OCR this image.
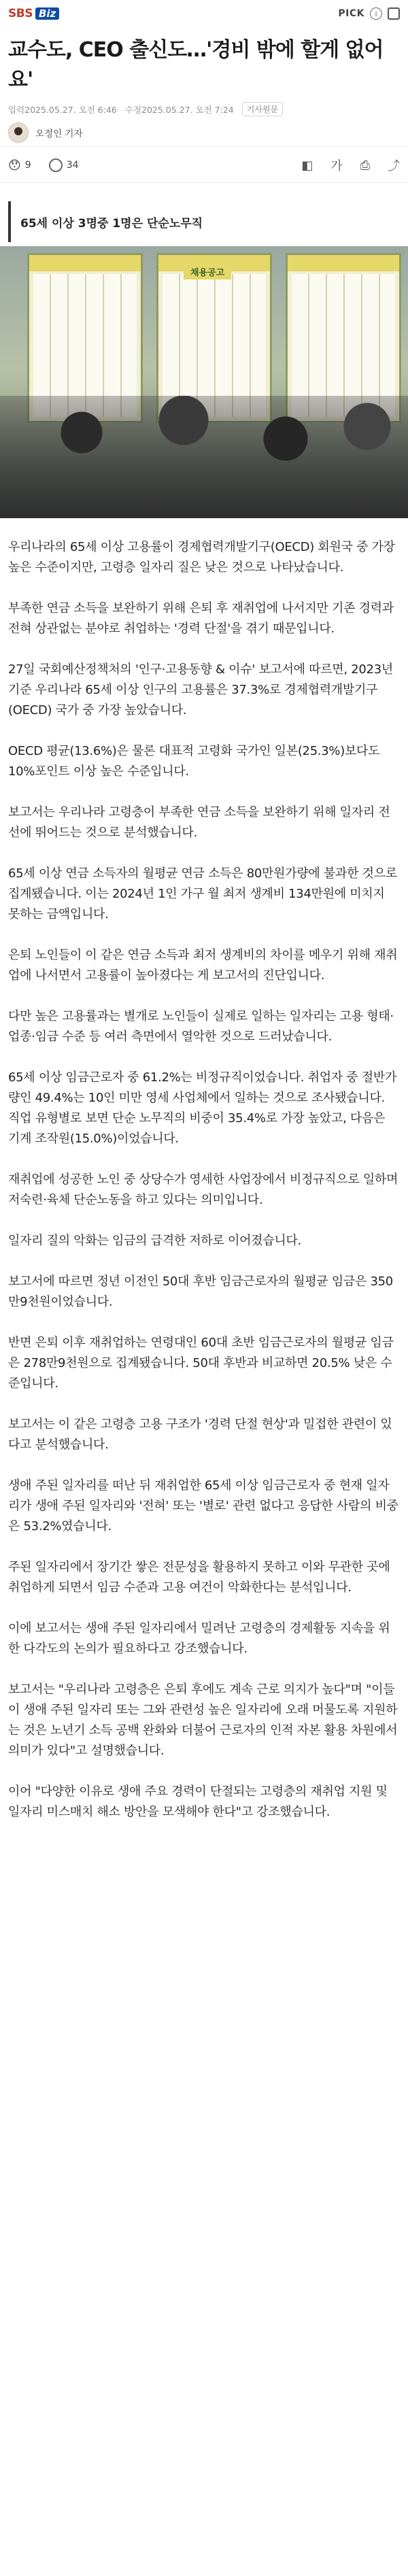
SBS Biz	PICK	i
교수도, CEO 출신도…'경비 밖에 할게 없어요'
입력2025.05.27. 오전 6:46 수정2025.05.27. 오전 7:24	기사원문
오정인 기자
😯 9	34	◧ 가 ⎙ ⤴
65세 이상 3명중 1명은 단순노무직
채용공고

우리나라의 65세 이상 고용률이 경제협력개발기구(OECD) 회원국 중 가장 높은 수준이지만, 고령층 일자리 질은 낮은 것으로 나타났습니다.

부족한 연금 소득을 보완하기 위해 은퇴 후 재취업에 나서지만 기존 경력과 전혀 상관없는 분야로 취업하는 '경력 단절'을 겪기 때문입니다.

27일 국회예산정책처의 '인구·고용동향 & 이슈' 보고서에 따르면, 2023년 기준 우리나라 65세 이상 인구의 고용률은 37.3%로 경제협력개발기구(OECD) 국가 중 가장 높았습니다.

OECD 평균(13.6%)은 물론 대표적 고령화 국가인 일본(25.3%)보다도 10%포인트 이상 높은 수준입니다.

보고서는 우리나라 고령층이 부족한 연금 소득을 보완하기 위해 일자리 전선에 뛰어드는 것으로 분석했습니다.

65세 이상 연금 소득자의 월평균 연금 소득은 80만원가량에 불과한 것으로 집계됐습니다. 이는 2024년 1인 가구 월 최저 생계비 134만원에 미치지 못하는 금액입니다.

은퇴 노인들이 이 같은 연금 소득과 최저 생계비의 차이를 메우기 위해 재취업에 나서면서 고용률이 높아졌다는 게 보고서의 진단입니다.

다만 높은 고용률과는 별개로 노인들이 실제로 일하는 일자리는 고용 형태·업종·임금 수준 등 여러 측면에서 열악한 것으로 드러났습니다.

65세 이상 임금근로자 중 61.2%는 비정규직이었습니다. 취업자 중 절반가량인 49.4%는 10인 미만 영세 사업체에서 일하는 것으로 조사됐습니다.

직업 유형별로 보면 단순 노무직의 비중이 35.4%로 가장 높았고, 다음은 기계 조작원(15.0%)이었습니다.

재취업에 성공한 노인 중 상당수가 영세한 사업장에서 비정규직으로 일하며 저숙련·육체 단순노동을 하고 있다는 의미입니다.

일자리 질의 악화는 임금의 급격한 저하로 이어졌습니다.

보고서에 따르면 정년 이전인 50대 후반 임금근로자의 월평균 임금은 350만9천원이었습니다.

반면 은퇴 이후 재취업하는 연령대인 60대 초반 임금근로자의 월평균 임금은 278만9천원으로 집계됐습니다. 50대 후반과 비교하면 20.5% 낮은 수준입니다.

보고서는 이 같은 고령층 고용 구조가 '경력 단절 현상'과 밀접한 관련이 있다고 분석했습니다.

생애 주된 일자리를 떠난 뒤 재취업한 65세 이상 임금근로자 중 현재 일자리가 생애 주된 일자리와 '전혀' 또는 '별로' 관련 없다고 응답한 사람의 비중은 53.2%였습니다.

주된 일자리에서 장기간 쌓은 전문성을 활용하지 못하고 이와 무관한 곳에 취업하게 되면서 임금 수준과 고용 여건이 악화한다는 분석입니다.

이에 보고서는 생애 주된 일자리에서 밀려난 고령층의 경제활동 지속을 위한 다각도의 논의가 필요하다고 강조했습니다.

보고서는 "우리나라 고령층은 은퇴 후에도 계속 근로 의지가 높다"며 "이들이 생애 주된 일자리 또는 그와 관련성 높은 일자리에 오래 머물도록 지원하는 것은 노년기 소득 공백 완화와 더불어 근로자의 인적 자본 활용 차원에서 의미가 있다"고 설명했습니다.

이어 "다양한 이유로 생애 주요 경력이 단절되는 고령층의 재취업 지원 및 일자리 미스매치 해소 방안을 모색해야 한다"고 강조했습니다.
